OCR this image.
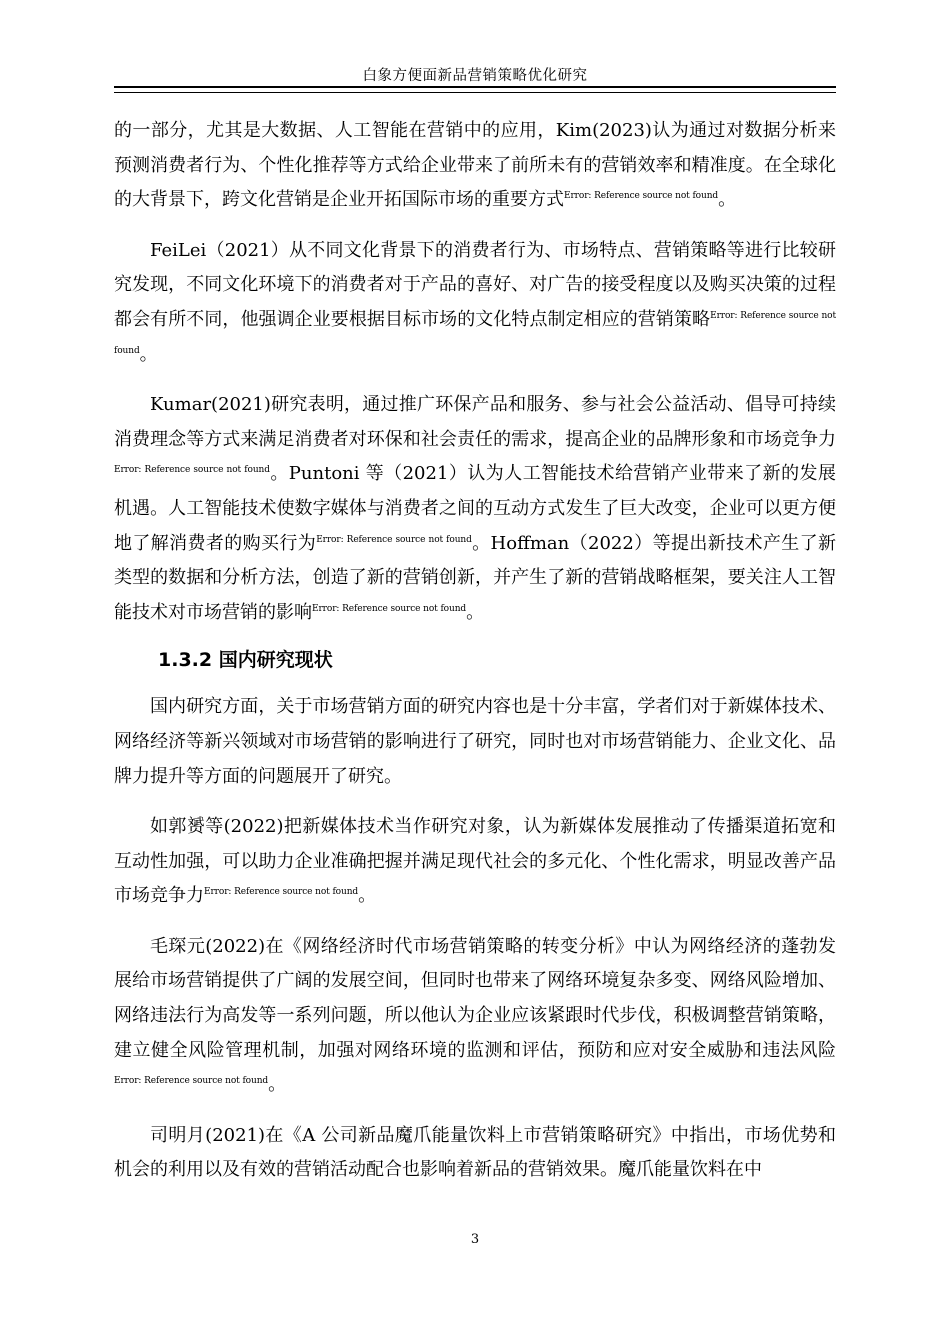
白象方便面新品营销策略优化研究

的一部分，尤其是大数据、人工智能在营销中的应用，Kim(2023)认为通过对数据分析来预测消费者行为、个性化推荐等方式给企业带来了前所未有的营销效率和精准度。在全球化的大背景下，跨文化营销是企业开拓国际市场的重要方式$^{Error: Reference source not found}$。

FeiLei（2021）从不同文化背景下的消费者行为、市场特点、营销策略等进行比较研究发现，不同文化环境下的消费者对于产品的喜好、对广告的接受程度以及购买决策的过程都会有所不同，他强调企业要根据目标市场的文化特点制定相应的营销策略$^{Error: Reference source not found}$。

Kumar(2021)研究表明，通过推广环保产品和服务、参与社会公益活动、倡导可持续消费理念等方式来满足消费者对环保和社会责任的需求，提高企业的品牌形象和市场竞争力$^{Error: Reference source not found}$。Puntoni 等（2021）认为人工智能技术给营销产业带来了新的发展机遇。人工智能技术使数字媒体与消费者之间的互动方式发生了巨大改变，企业可以更方便地了解消费者的购买行为$^{Error: Reference source not found}$。Hoffman（2022）等提出新技术产生了新类型的数据和分析方法，创造了新的营销创新，并产生了新的营销战略框架，要关注人工智能技术对市场营销的影响$^{Error: Reference source not found}$。

1.3.2 国内研究现状

国内研究方面，关于市场营销方面的研究内容也是十分丰富，学者们对于新媒体技术、网络经济等新兴领域对市场营销的影响进行了研究，同时也对市场营销能力、企业文化、品牌力提升等方面的问题展开了研究。

如郭赟等(2022)把新媒体技术当作研究对象，认为新媒体发展推动了传播渠道拓宽和互动性加强，可以助力企业准确把握并满足现代社会的多元化、个性化需求，明显改善产品市场竞争力$^{Error: Reference source not found}$。

毛琛元(2022)在《网络经济时代市场营销策略的转变分析》中认为网络经济的蓬勃发展给市场营销提供了广阔的发展空间，但同时也带来了网络环境复杂多变、网络风险增加、网络违法行为高发等一系列问题，所以他认为企业应该紧跟时代步伐，积极调整营销策略，建立健全风险管理机制，加强对网络环境的监测和评估，预防和应对安全威胁和违法风险$^{Error: Reference source not found}$。

司明月(2021)在《A 公司新品魔爪能量饮料上市营销策略研究》中指出，市场优势和机会的利用以及有效的营销活动配合也影响着新品的营销效果。魔爪能量饮料在中

3
